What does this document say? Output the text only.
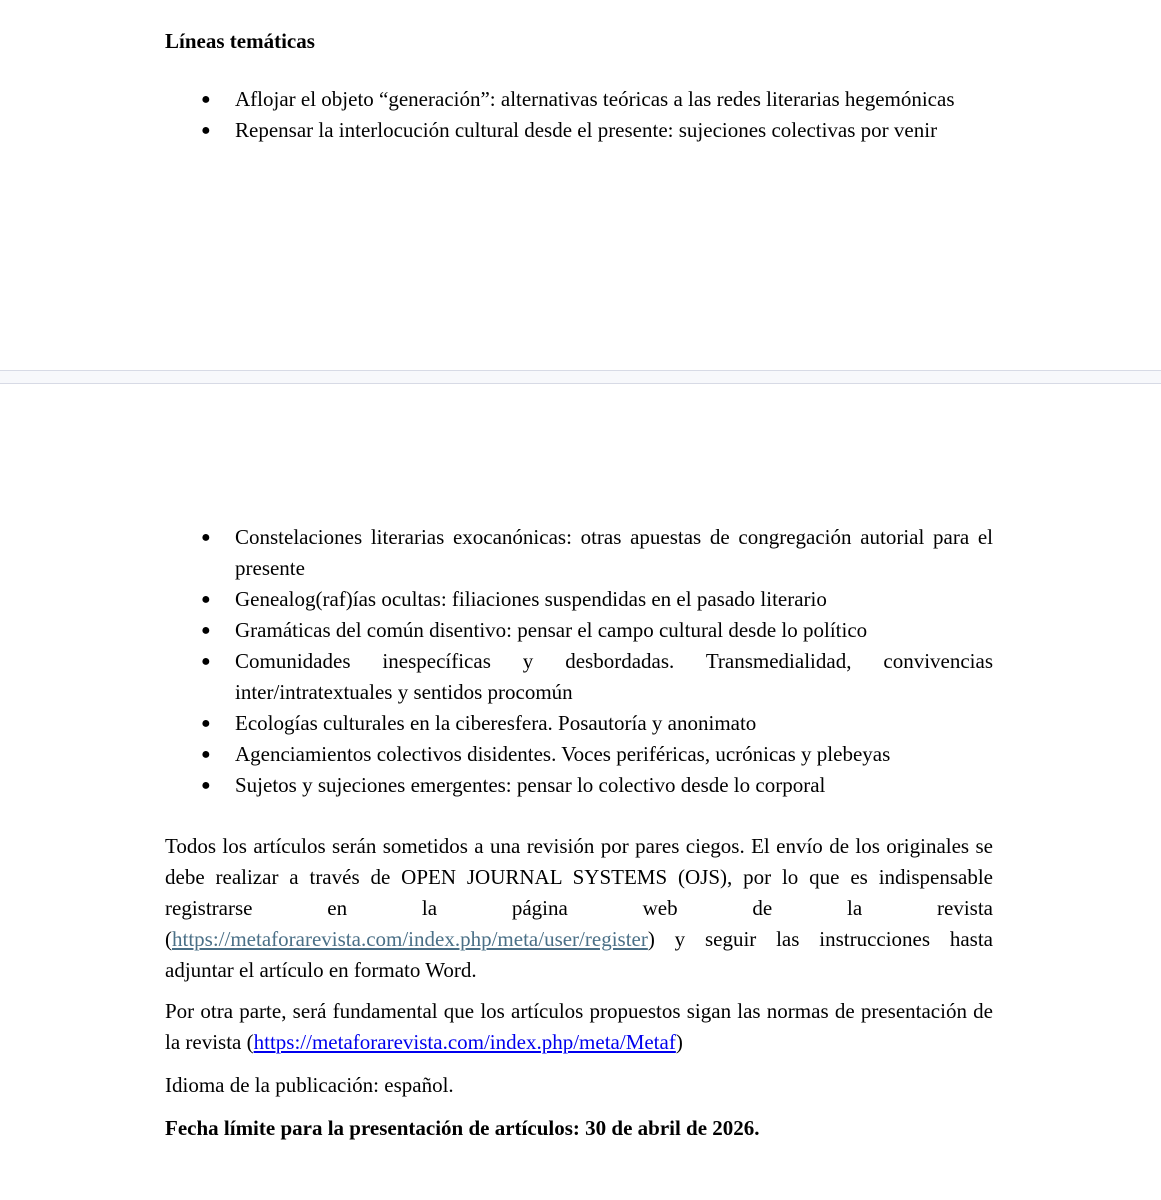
Líneas temáticas

● Aflojar el objeto “generación”: alternativas teóricas a las redes literarias hegemónicas
● Repensar la interlocución cultural desde el presente: sujeciones colectivas por venir
● Constelaciones literarias exocanónicas: otras apuestas de congregación autorial para el presente
● Genealog(raf)ías ocultas: filiaciones suspendidas en el pasado literario
● Gramáticas del común disentivo: pensar el campo cultural desde lo político
● Comunidades inespecíficas y desbordadas. Transmedialidad, convivencias inter/intratextuales y sentidos procomún
● Ecologías culturales en la ciberesfera. Posautoría y anonimato
● Agenciamientos colectivos disidentes. Voces periféricas, ucrónicas y plebeyas
● Sujetos y sujeciones emergentes: pensar lo colectivo desde lo corporal

Todos los artículos serán sometidos a una revisión por pares ciegos. El envío de los originales se debe realizar a través de OPEN JOURNAL SYSTEMS (OJS), por lo que es indispensable registrarse en la página web de la revista (https://metaforarevista.com/index.php/meta/user/register) y seguir las instrucciones hasta adjuntar el artículo en formato Word.

Por otra parte, será fundamental que los artículos propuestos sigan las normas de presentación de la revista (https://metaforarevista.com/index.php/meta/Metaf)

Idioma de la publicación: español.

Fecha límite para la presentación de artículos: 30 de abril de 2026.
